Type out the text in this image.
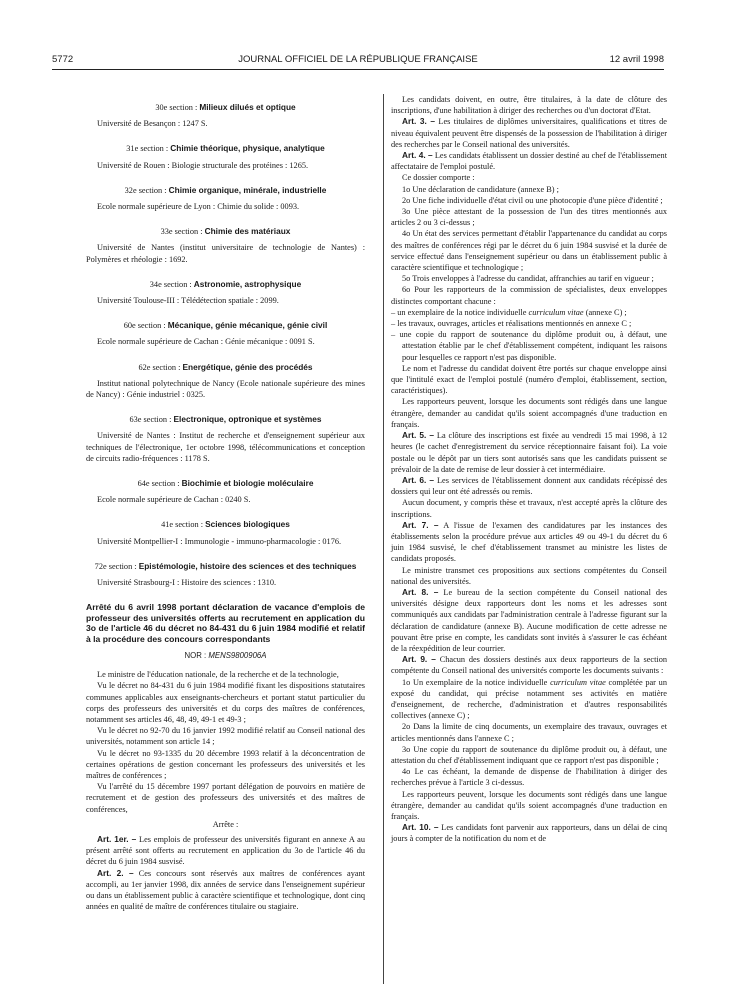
5772	JOURNAL OFFICIEL DE LA RÉPUBLIQUE FRANÇAISE	12 avril 1998

30e section : Milieux dilués et optique

Université de Besançon : 1247 S.

31e section : Chimie théorique, physique, analytique

Université de Rouen : Biologie structurale des protéines : 1265.

32e section : Chimie organique, minérale, industrielle

Ecole normale supérieure de Lyon : Chimie du solide : 0093.

33e section : Chimie des matériaux

Université de Nantes (institut universitaire de technologie de Nantes) : Polymères et rhéologie : 1692.

34e section : Astronomie, astrophysique

Université Toulouse-III : Télédétection spatiale : 2099.

60e section : Mécanique, génie mécanique, génie civil

Ecole normale supérieure de Cachan : Génie mécanique : 0091 S.

62e section : Energétique, génie des procédés

Institut national polytechnique de Nancy (Ecole nationale supérieure des mines de Nancy) : Génie industriel : 0325.

63e section : Electronique, optronique et systèmes

Université de Nantes : Institut de recherche et d'enseignement supérieur aux techniques de l'électronique, 1er octobre 1998, télécommunications et conception de circuits radio-fréquences : 1178 S.

64e section : Biochimie et biologie moléculaire

Ecole normale supérieure de Cachan : 0240 S.

41e section : Sciences biologiques

Université Montpellier-I : Immunologie - immuno-pharmacologie : 0176.

72e section : Epistémologie, histoire des sciences et des techniques

Université Strasbourg-I : Histoire des sciences : 1310.

Arrêté du 6 avril 1998 portant déclaration de vacance d'emplois de professeur des universités offerts au recrutement en application du 3o de l'article 46 du décret no 84-431 du 6 juin 1984 modifié et relatif à la procédure des concours correspondants

NOR : MENS9800906A

Le ministre de l'éducation nationale, de la recherche et de la technologie,

Vu le décret no 84-431 du 6 juin 1984 modifié fixant les dispositions statutaires communes applicables aux enseignants-chercheurs et portant statut particulier du corps des professeurs des universités et du corps des maîtres de conférences, notamment ses articles 46, 48, 49, 49-1 et 49-3 ;

Vu le décret no 92-70 du 16 janvier 1992 modifié relatif au Conseil national des universités, notamment son article 14 ;

Vu le décret no 93-1335 du 20 décembre 1993 relatif à la déconcentration de certaines opérations de gestion concernant les professeurs des universités et les maîtres de conférences ;

Vu l'arrêté du 15 décembre 1997 portant délégation de pouvoirs en matière de recrutement et de gestion des professeurs des universités et des maîtres de conférences,

Arrête :

Art. 1er. – Les emplois de professeur des universités figurant en annexe A au présent arrêté sont offerts au recrutement en application du 3o de l'article 46 du décret du 6 juin 1984 susvisé.

Art. 2. – Ces concours sont réservés aux maîtres de conférences ayant accompli, au 1er janvier 1998, dix années de service dans l'enseignement supérieur ou dans un établissement public à caractère scientifique et technologique, dont cinq années en qualité de maître de conférences titulaire ou stagiaire.

Les candidats doivent, en outre, être titulaires, à la date de clôture des inscriptions, d'une habilitation à diriger des recherches ou d'un doctorat d'Etat.

Art. 3. – Les titulaires de diplômes universitaires, qualifications et titres de niveau équivalent peuvent être dispensés de la possession de l'habilitation à diriger des recherches par le Conseil national des universités.

Art. 4. – Les candidats établissent un dossier destiné au chef de l'établissement affectataire de l'emploi postulé.

Ce dossier comporte :

1o Une déclaration de candidature (annexe B) ;

2o Une fiche individuelle d'état civil ou une photocopie d'une pièce d'identité ;

3o Une pièce attestant de la possession de l'un des titres mentionnés aux articles 2 ou 3 ci-dessus ;

4o Un état des services permettant d'établir l'appartenance du candidat au corps des maîtres de conférences régi par le décret du 6 juin 1984 susvisé et la durée de service effectué dans l'enseignement supérieur ou dans un établissement public à caractère scientifique et technologique ;

5o Trois enveloppes à l'adresse du candidat, affranchies au tarif en vigueur ;

6o Pour les rapporteurs de la commission de spécialistes, deux enveloppes distinctes comportant chacune :

– un exemplaire de la notice individuelle curriculum vitae (annexe C) ;

– les travaux, ouvrages, articles et réalisations mentionnés en annexe C ;

– une copie du rapport de soutenance du diplôme produit ou, à défaut, une attestation établie par le chef d'établissement compétent, indiquant les raisons pour lesquelles ce rapport n'est pas disponible.

Le nom et l'adresse du candidat doivent être portés sur chaque enveloppe ainsi que l'intitulé exact de l'emploi postulé (numéro d'emploi, établissement, section, caractéristiques).

Les rapporteurs peuvent, lorsque les documents sont rédigés dans une langue étrangère, demander au candidat qu'ils soient accompagnés d'une traduction en français.

Art. 5. – La clôture des inscriptions est fixée au vendredi 15 mai 1998, à 12 heures (le cachet d'enregistrement du service réceptionnaire faisant foi). La voie postale ou le dépôt par un tiers sont autorisés sans que les candidats puissent se prévaloir de la date de remise de leur dossier à cet intermédiaire.

Art. 6. – Les services de l'établissement donnent aux candidats récépissé des dossiers qui leur ont été adressés ou remis.

Aucun document, y compris thèse et travaux, n'est accepté après la clôture des inscriptions.

Art. 7. – A l'issue de l'examen des candidatures par les instances des établissements selon la procédure prévue aux articles 49 ou 49-1 du décret du 6 juin 1984 susvisé, le chef d'établissement transmet au ministre les listes de candidats proposés.

Le ministre transmet ces propositions aux sections compétentes du Conseil national des universités.

Art. 8. – Le bureau de la section compétente du Conseil national des universités désigne deux rapporteurs dont les noms et les adresses sont communiqués aux candidats par l'administration centrale à l'adresse figurant sur la déclaration de candidature (annexe B). Aucune modification de cette adresse ne pouvant être prise en compte, les candidats sont invités à s'assurer le cas échéant de la réexpédition de leur courrier.

Art. 9. – Chacun des dossiers destinés aux deux rapporteurs de la section compétente du Conseil national des universités comporte les documents suivants :

1o Un exemplaire de la notice individuelle curriculum vitae complétée par un exposé du candidat, qui précise notamment ses activités en matière d'enseignement, de recherche, d'administration et d'autres responsabilités collectives (annexe C) ;

2o Dans la limite de cinq documents, un exemplaire des travaux, ouvrages et articles mentionnés dans l'annexe C ;

3o Une copie du rapport de soutenance du diplôme produit ou, à défaut, une attestation du chef d'établissement indiquant que ce rapport n'est pas disponible ;

4o Le cas échéant, la demande de dispense de l'habilitation à diriger des recherches prévue à l'article 3 ci-dessus.

Les rapporteurs peuvent, lorsque les documents sont rédigés dans une langue étrangère, demander au candidat qu'ils soient accompagnés d'une traduction en français.

Art. 10. – Les candidats font parvenir aux rapporteurs, dans un délai de cinq jours à compter de la notification du nom et de
